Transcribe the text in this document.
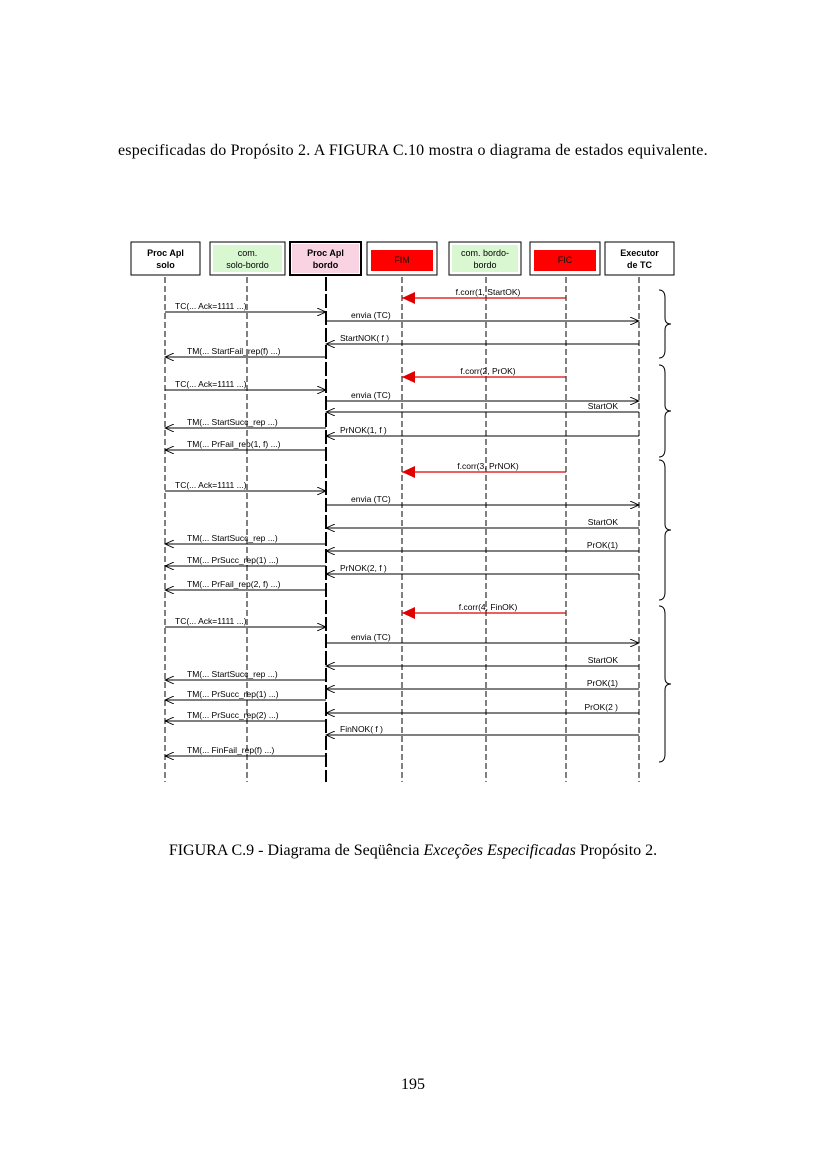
especificadas do Propósito 2. A FIGURA C.10 mostra o diagrama de estados equivalente.
Proc Apl
solo
com.
solo-bordo
Proc Apl
bordo	FIM
com. bordo-
bordo	FIC
Executor
de TC
f.corr(1, StartOK)
TC(... Ack=1111 ...)
envia (TC)
StartNOK( f )
TM(... StartFail_rep(f) ...)
f.corr(2, PrOK)
TC(... Ack=1111 ...)
envia (TC)
StartOK
TM(... StartSucc_rep ...)
PrNOK(1, f )
TM(... PrFail_rep(1, f) ...)
f.corr(3, PrNOK)
TC(... Ack=1111 ...)
envia (TC)
StartOK
TM(... StartSucc_rep ...)
PrOK(1)
TM(... PrSucc_rep(1) ...)
PrNOK(2, f )
TM(... PrFail_rep(2, f) ...)
f.corr(4, FinOK)
TC(... Ack=1111 ...)
envia (TC)
StartOK
TM(... StartSucc_rep ...)
PrOK(1)
TM(... PrSucc_rep(1) ...)
PrOK(2 )
TM(... PrSucc_rep(2) ...)
FinNOK( f )
TM(... FinFail_rep(f) ...)
FIGURA C.9 - Diagrama de Seqüência Exceções Especificadas Propósito 2.
195
